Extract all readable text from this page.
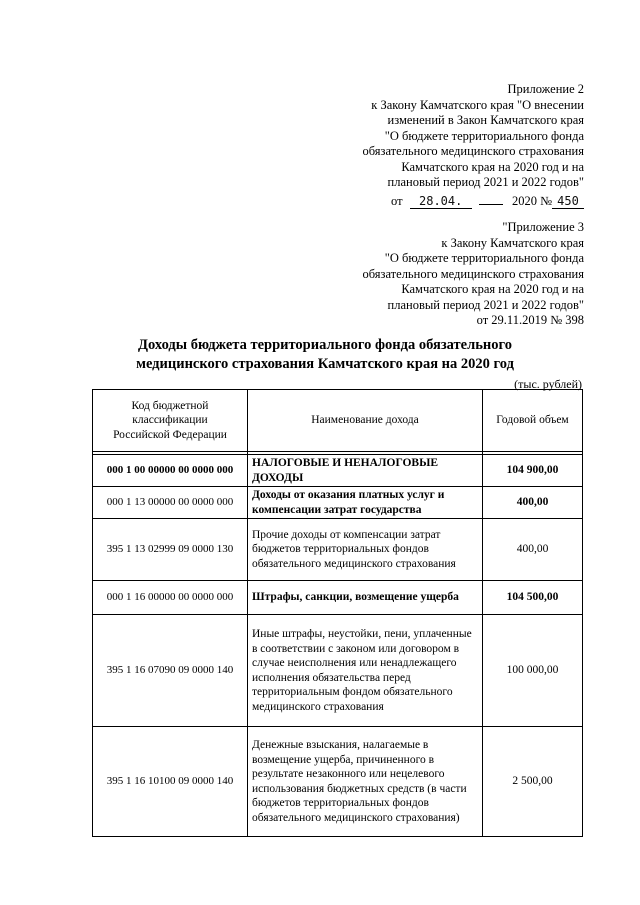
Приложение 2
к Закону Камчатского края "О внесении
изменений в Закон Камчатского края
"О бюджете территориального фонда
обязательного медицинского страхования
Камчатского края на 2020 год и на
плановый период 2021 и 2022 годов"
от 28.04.	2020 № 450
"Приложение 3
к Закону Камчатского края
"О бюджете территориального фонда
обязательного медицинского страхования
Камчатского края на 2020 год и на
плановый период 2021 и 2022 годов"
от 29.11.2019 № 398
Доходы бюджета территориального фонда обязательного
медицинского страхования Камчатского края на 2020 год
(тыс. рублей)
Код бюджетной классификации Российской Федерации	Наименование дохода	Годовой объем

000 1 00 00000 00 0000 000	НАЛОГОВЫЕ И НЕНАЛОГОВЫЕ ДОХОДЫ	104 900,00
000 1 13 00000 00 0000 000	Доходы от оказания платных услуг и компенсации затрат государства	400,00
395 1 13 02999 09 0000 130	Прочие доходы от компенсации затрат бюджетов территориальных фондов обязательного медицинского страхования	400,00
000 1 16 00000 00 0000 000	Штрафы, санкции, возмещение ущерба	104 500,00
395 1 16 07090 09 0000 140	Иные штрафы, неустойки, пени, уплаченные в соответствии с законом или договором в случае неисполнения или ненадлежащего исполнения обязательства перед территориальным фондом обязательного медицинского страхования	100 000,00
395 1 16 10100 09 0000 140	Денежные взыскания, налагаемые в возмещение ущерба, причиненного в результате незаконного или нецелевого использования бюджетных средств (в части бюджетов территориальных фондов обязательного медицинского страхования)	2 500,00
